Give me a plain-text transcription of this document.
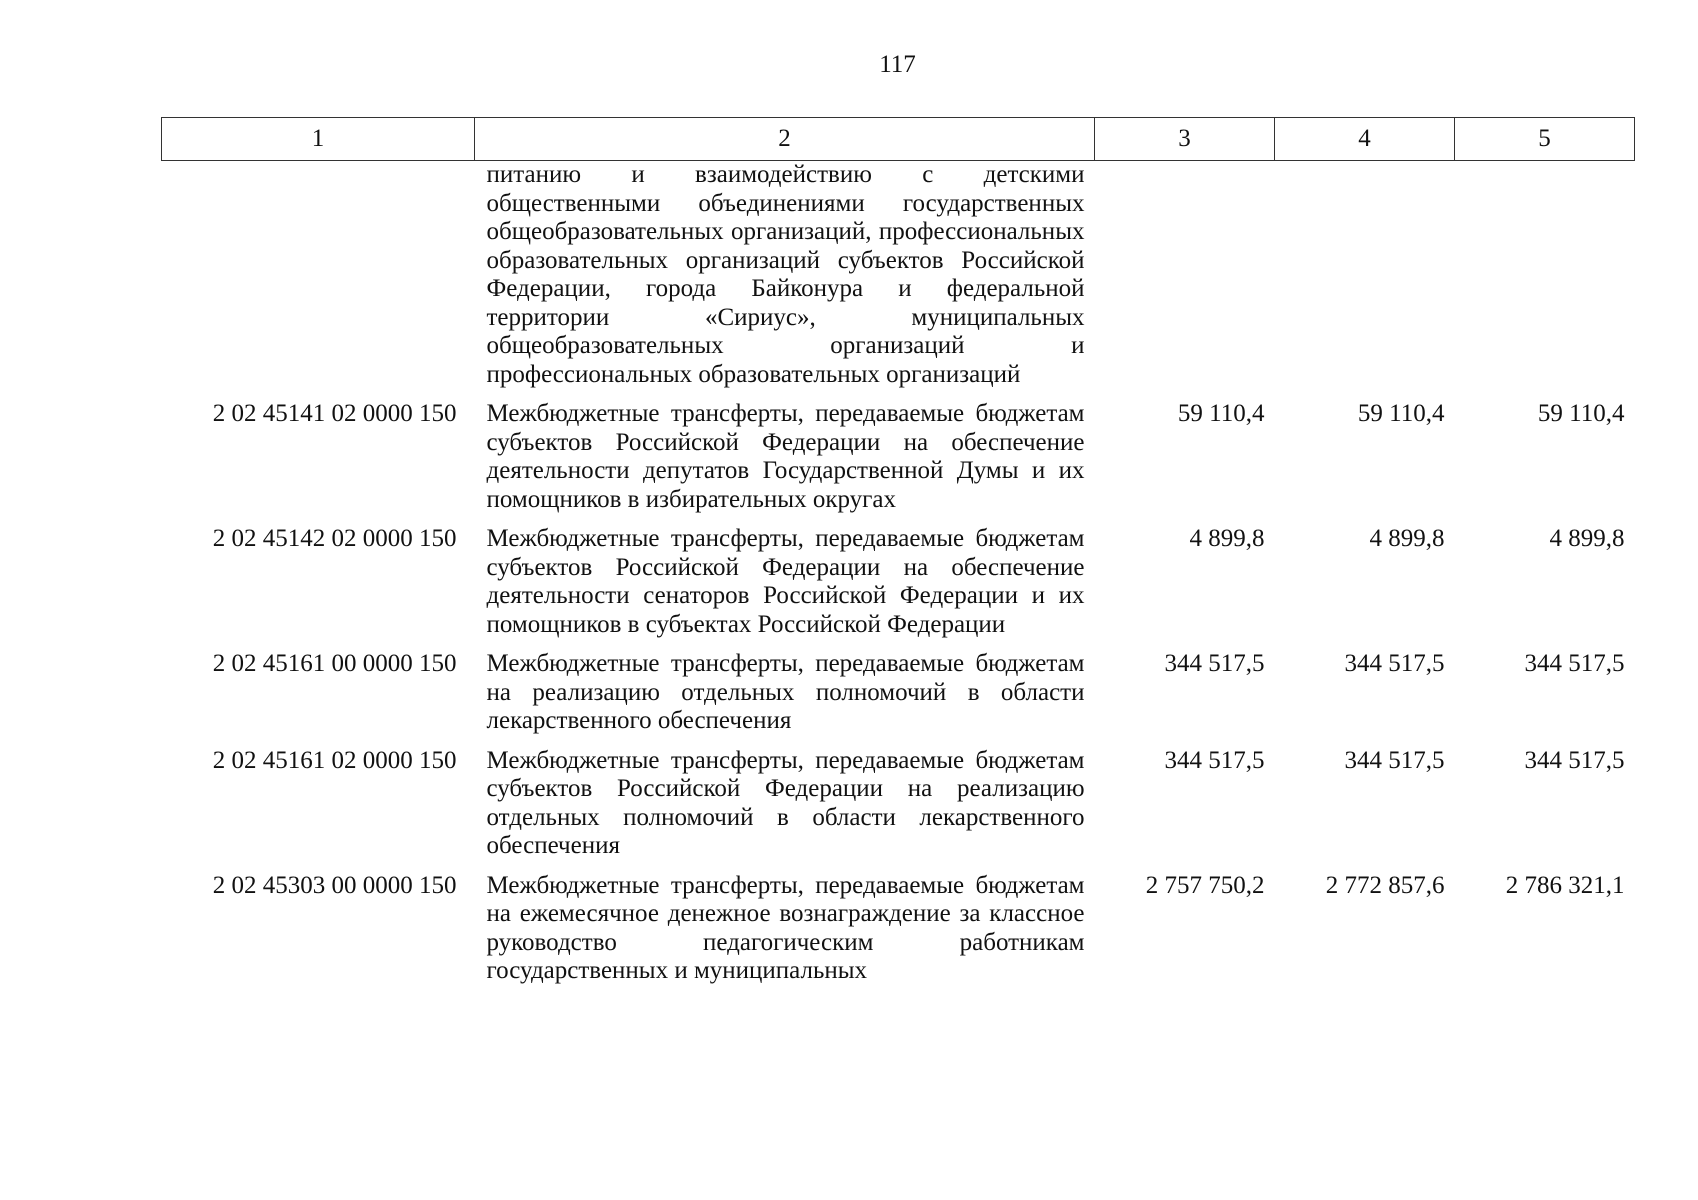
117
1	2	3	4	5
	питанию и взаимодействию с детскими общественными объединениями государственных общеобразовательных организаций, профессиональных образовательных организаций субъектов Российской Федерации, города Байконура и федеральной территории «Сириус», муниципальных общеобразовательных организаций и профессиональных образовательных организаций			
2 02 45141 02 0000 150	Межбюджетные трансферты, передаваемые бюджетам субъектов Российской Федерации на обеспечение деятельности депутатов Государственной Думы и их помощников в избирательных округах	59 110,4	59 110,4	59 110,4
2 02 45142 02 0000 150	Межбюджетные трансферты, передаваемые бюджетам субъектов Российской Федерации на обеспечение деятельности сенаторов Российской Федерации и их помощников в субъектах Российской Федерации	4 899,8	4 899,8	4 899,8
2 02 45161 00 0000 150	Межбюджетные трансферты, передаваемые бюджетам на реализацию отдельных полномочий в области лекарственного обеспечения	344 517,5	344 517,5	344 517,5
2 02 45161 02 0000 150	Межбюджетные трансферты, передаваемые бюджетам субъектов Российской Федерации на реализацию отдельных полномочий в области лекарственного обеспечения	344 517,5	344 517,5	344 517,5
2 02 45303 00 0000 150	Межбюджетные трансферты, передаваемые бюджетам на ежемесячное денежное вознаграждение за классное руководство педагогическим работникам государственных и муниципальных	2 757 750,2	2 772 857,6	2 786 321,1
